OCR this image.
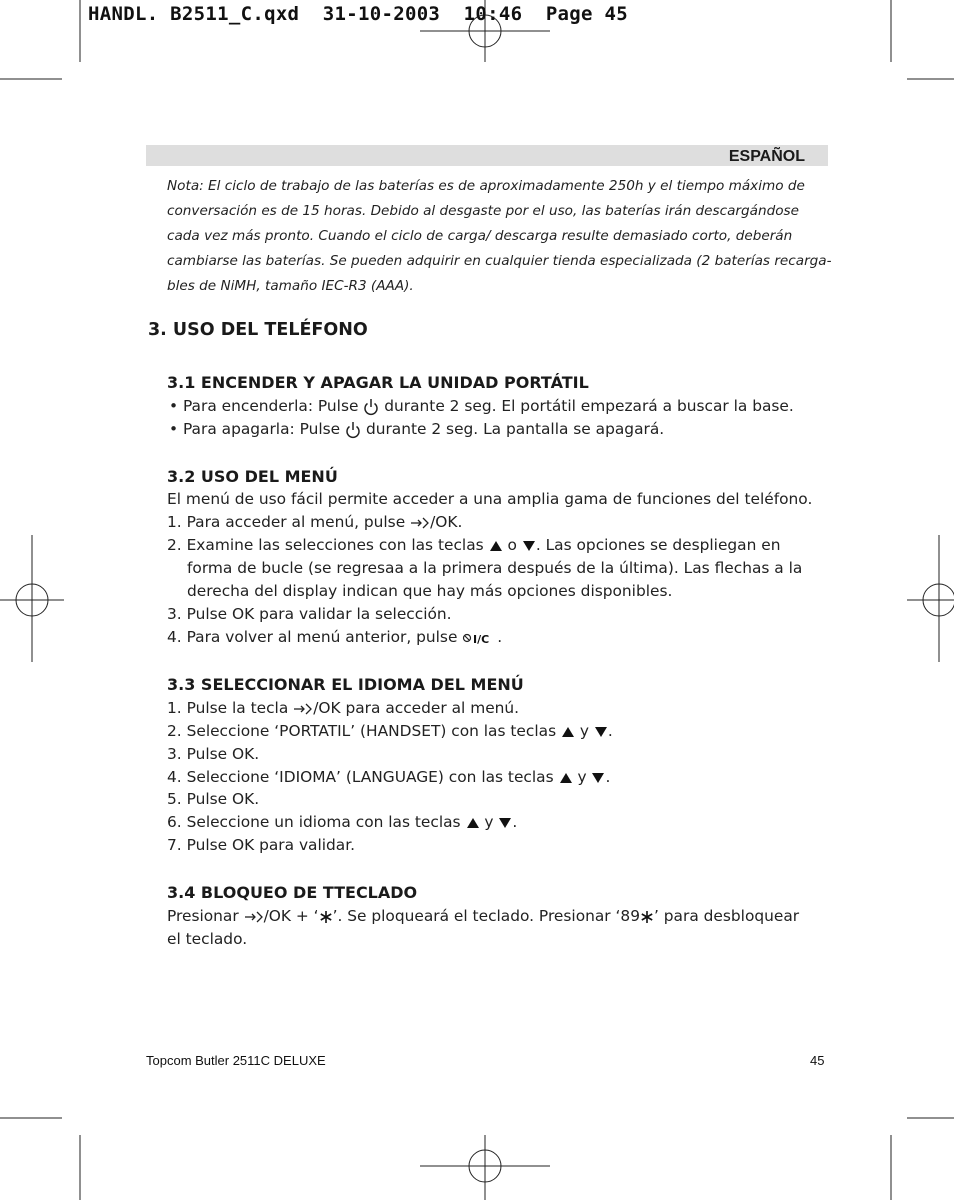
HANDL. B2511_C.qxd  31-10-2003  10:46  Page 45
ESPAÑOL
Nota: El ciclo de trabajo de las baterías es de aproximadamente 250h y el tiempo máximo de
conversación es de 15 horas. Debido al desgaste por el uso, las baterías irán descargándose
cada vez más pronto. Cuando el ciclo de carga/ descarga resulte demasiado corto, deberán
cambiarse las baterías. Se pueden adquirir en cualquier tienda especializada (2 baterías recarga-
bles de NiMH, tamaño IEC-R3 (AAA).
3. USO DEL TELÉFONO
3.1 ENCENDER Y APAGAR LA UNIDAD PORTÁTIL
• Para encenderla: Pulse durante 2 seg. El portátil empezará a buscar la base.
• Para apagarla: Pulse durante 2 seg. La pantalla se apagará.
3.2 USO DEL MENÚ
El menú de uso fácil permite acceder a una amplia gama de funciones del teléfono.
1. Para acceder al menú, pulse /OK.
2. Examine las selecciones con las teclas o . Las opciones se despliegan en
forma de bucle (se regresaa a la primera después de la última). Las flechas a la
derecha del display indican que hay más opciones disponibles.
3. Pulse OK para validar la selección.
4. Para volver al menú anterior, pulse I/C .
3.3 SELECCIONAR EL IDIOMA DEL MENÚ
1. Pulse la tecla /OK para acceder al menú.
2. Seleccione ‘PORTATIL’ (HANDSET) con las teclas y .
3. Pulse OK.
4. Seleccione ‘IDIOMA’ (LANGUAGE) con las teclas y .
5. Pulse OK.
6. Seleccione un idioma con las teclas y .
7. Pulse OK para validar.
3.4 BLOQUEO DE TTECLADO
Presionar /OK + ‘ ’. Se ploqueará el teclado. Presionar ‘89 ’ para desbloquear
el teclado.
Topcom Butler 2511C DELUXE	45
